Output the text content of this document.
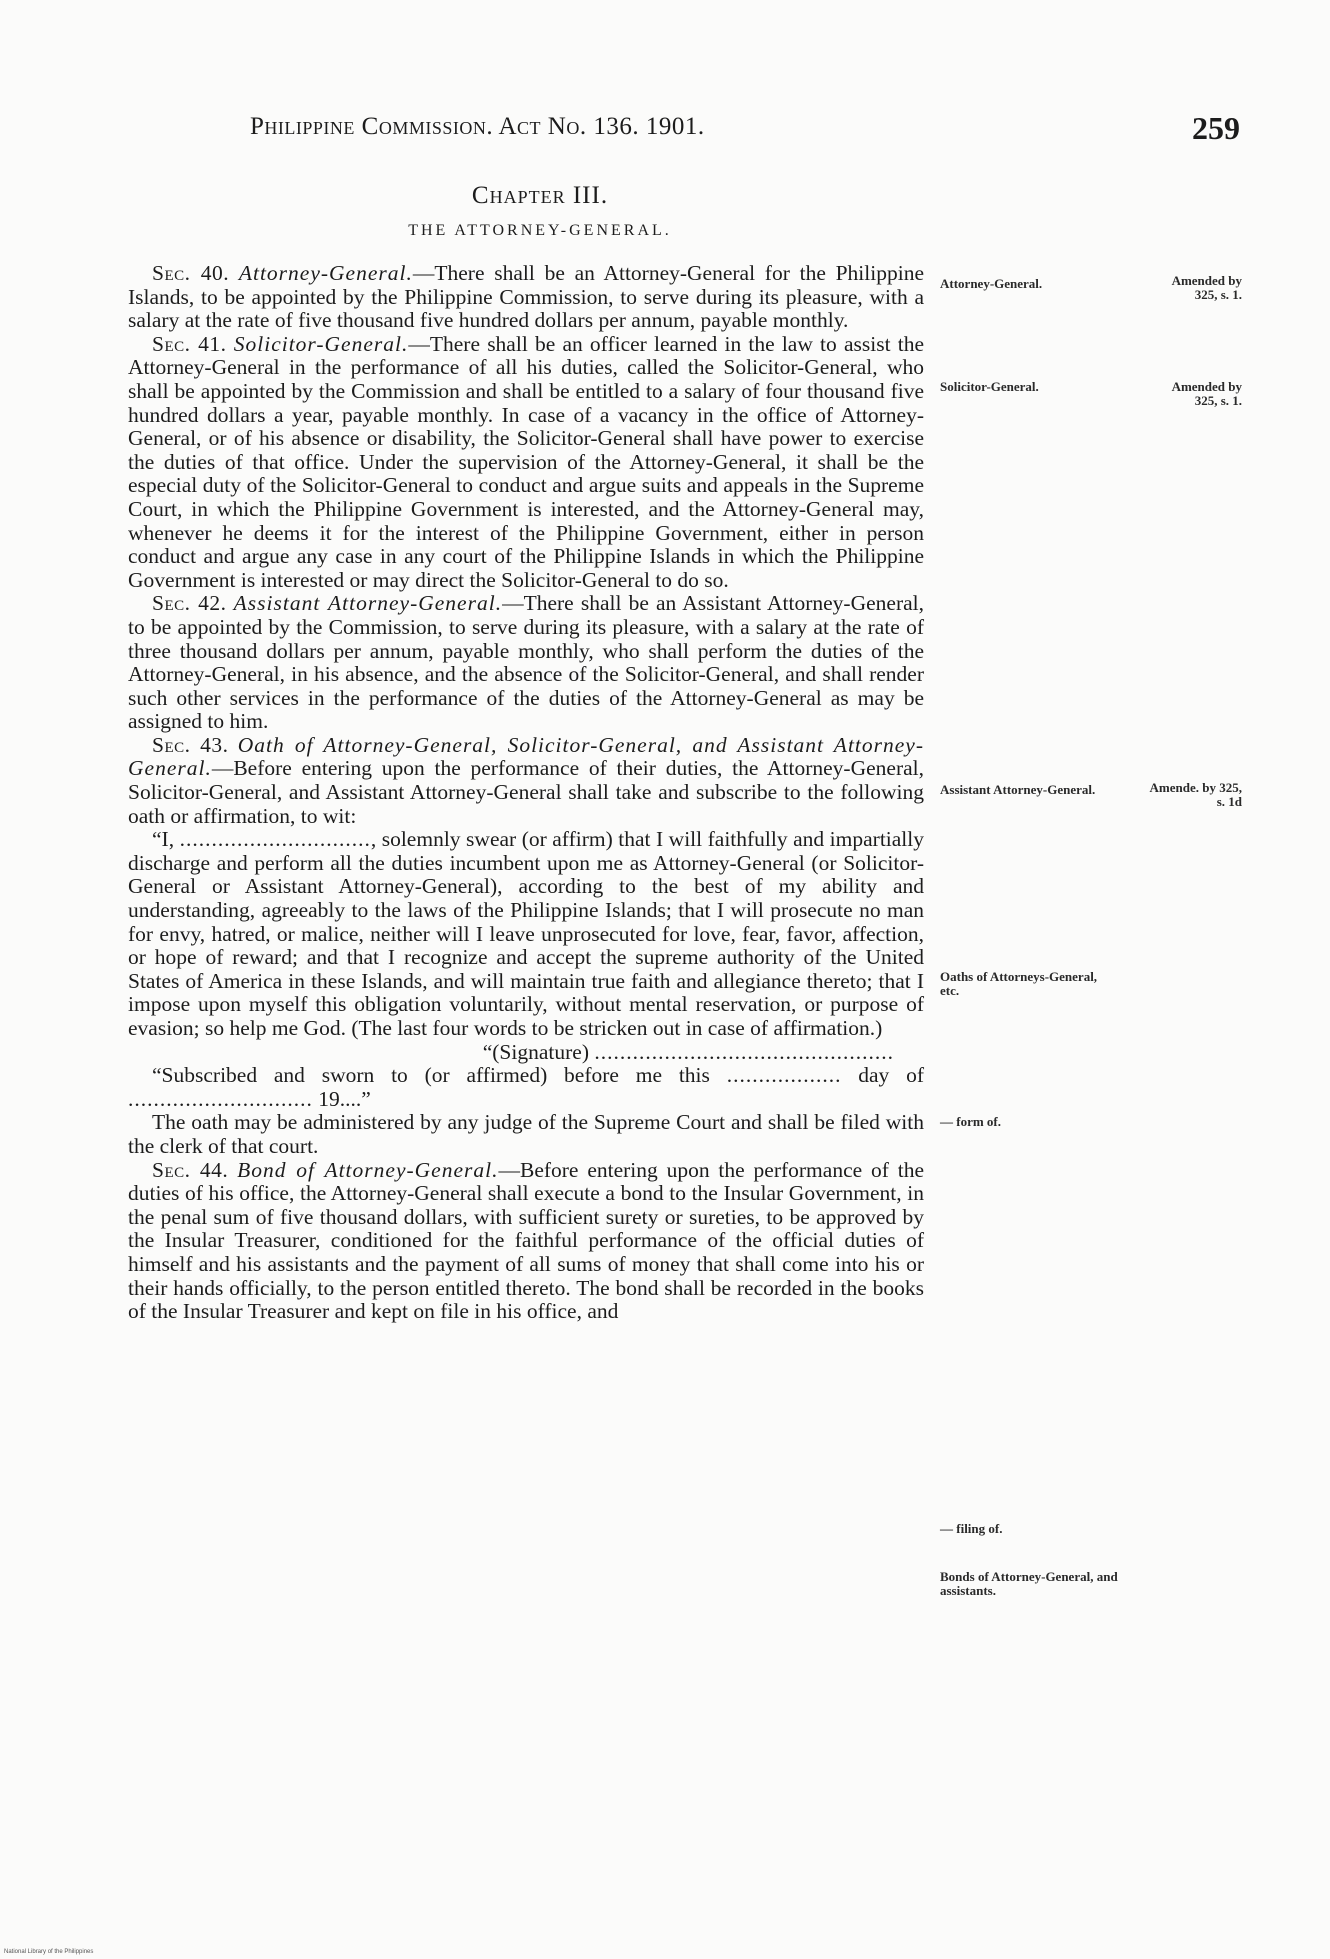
Philippine Commission. Act No. 136. 1901.	259
Chapter III.
THE ATTORNEY-GENERAL.

Sec. 40. Attorney-General.—There shall be an Attorney-General for the Philippine Islands, to be appointed by the Philippine Commission, to serve during its pleasure, with a salary at the rate of five thousand five hundred dollars per annum, payable monthly.

Sec. 41. Solicitor-General.—There shall be an officer learned in the law to assist the Attorney-General in the performance of all his duties, called the Solicitor-General, who shall be appointed by the Commission and shall be entitled to a salary of four thousand five hundred dollars a year, payable monthly. In case of a vacancy in the office of Attorney-General, or of his absence or disability, the Solicitor-General shall have power to exercise the duties of that office. Under the supervision of the Attorney-General, it shall be the especial duty of the Solicitor-General to conduct and argue suits and appeals in the Supreme Court, in which the Philippine Government is interested, and the Attorney-General may, whenever he deems it for the interest of the Philippine Government, either in person conduct and argue any case in any court of the Philippine Islands in which the Philippine Government is interested or may direct the Solicitor-General to do so.

Sec. 42. Assistant Attorney-General.—There shall be an Assistant Attorney-General, to be appointed by the Commission, to serve during its pleasure, with a salary at the rate of three thousand dollars per annum, payable monthly, who shall perform the duties of the Attorney-General, in his absence, and the absence of the Solicitor-General, and shall render such other services in the performance of the duties of the Attorney-General as may be assigned to him.

Sec. 43. Oath of Attorney-General, Solicitor-General, and Assistant Attorney-General.—Before entering upon the performance of their duties, the Attorney-General, Solicitor-General, and Assistant Attorney-General shall take and subscribe to the following oath or affirmation, to wit:

“I, .............................., solemnly swear (or affirm) that I will faithfully and impartially discharge and perform all the duties incumbent upon me as Attorney-General (or Solicitor-General or Assistant Attorney-General), according to the best of my ability and understanding, agreeably to the laws of the Philippine Islands; that I will prosecute no man for envy, hatred, or malice, neither will I leave unprosecuted for love, fear, favor, affection, or hope of reward; and that I recognize and accept the supreme authority of the United States of America in these Islands, and will maintain true faith and allegiance thereto; that I impose upon myself this obligation voluntarily, without mental reservation, or purpose of evasion; so help me God. (The last four words to be stricken out in case of affirmation.)

“(Signature) ...............................................

“Subscribed and sworn to (or affirmed) before me this .................. day of ............................. 19....”

The oath may be administered by any judge of the Supreme Court and shall be filed with the clerk of that court.

Sec. 44. Bond of Attorney-General.—Before entering upon the performance of the duties of his office, the Attorney-General shall execute a bond to the Insular Government, in the penal sum of five thousand dollars, with sufficient surety or sureties, to be approved by the Insular Treasurer, conditioned for the faithful performance of the official duties of himself and his assistants and the payment of all sums of money that shall come into his or their hands officially, to the person entitled thereto. The bond shall be recorded in the books of the Insular Treasurer and kept on file in his office, and

Attorney-General.
Solicitor-General.
Assistant Attorney-General.
Oaths of Attorneys-General, etc.
— form of.
— filing of.
Bonds of Attorney-General, and assistants.
Amended by 325, s. 1.
Amended by 325, s. 1.
Amende. by 325, s. 1d
National Library of the Philippines
